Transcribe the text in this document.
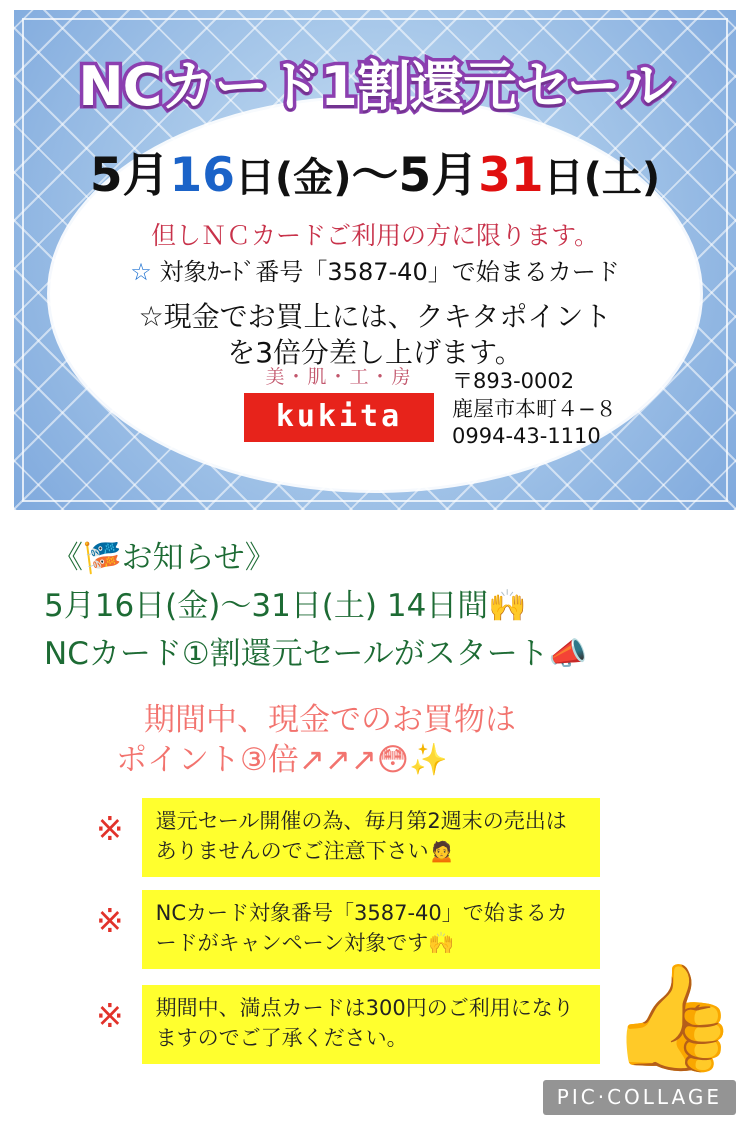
NCカード1割還元セール
5月16日(金)〜5月31日(土)
但しＮＣカードご利用の方に限ります。
☆ 対象ｶｰﾄﾞ番号「3587-40」で始まるカード
☆現金でお買上には、クキタポイント
を3倍分差し上げます。
美・肌・工・房
kukita
〒893-0002
鹿屋市本町４−８
0994-43-1110
《🎏お知らせ》
5月16日(金)〜31日(土) 14日間🙌
NCカード①割還元セールがスタート📣
期間中、現金でのお買物は
ポイント③倍↗↗↗😳✨
※	還元セール開催の為、毎月第2週末の売出はありませんのでご注意下さい🙍
※	NCカード対象番号「3587-40」で始まるカードがキャンペーン対象です🙌
※	期間中、満点カードは300円のご利用になりますのでご了承ください。	👍
PIC·COLLAGE
